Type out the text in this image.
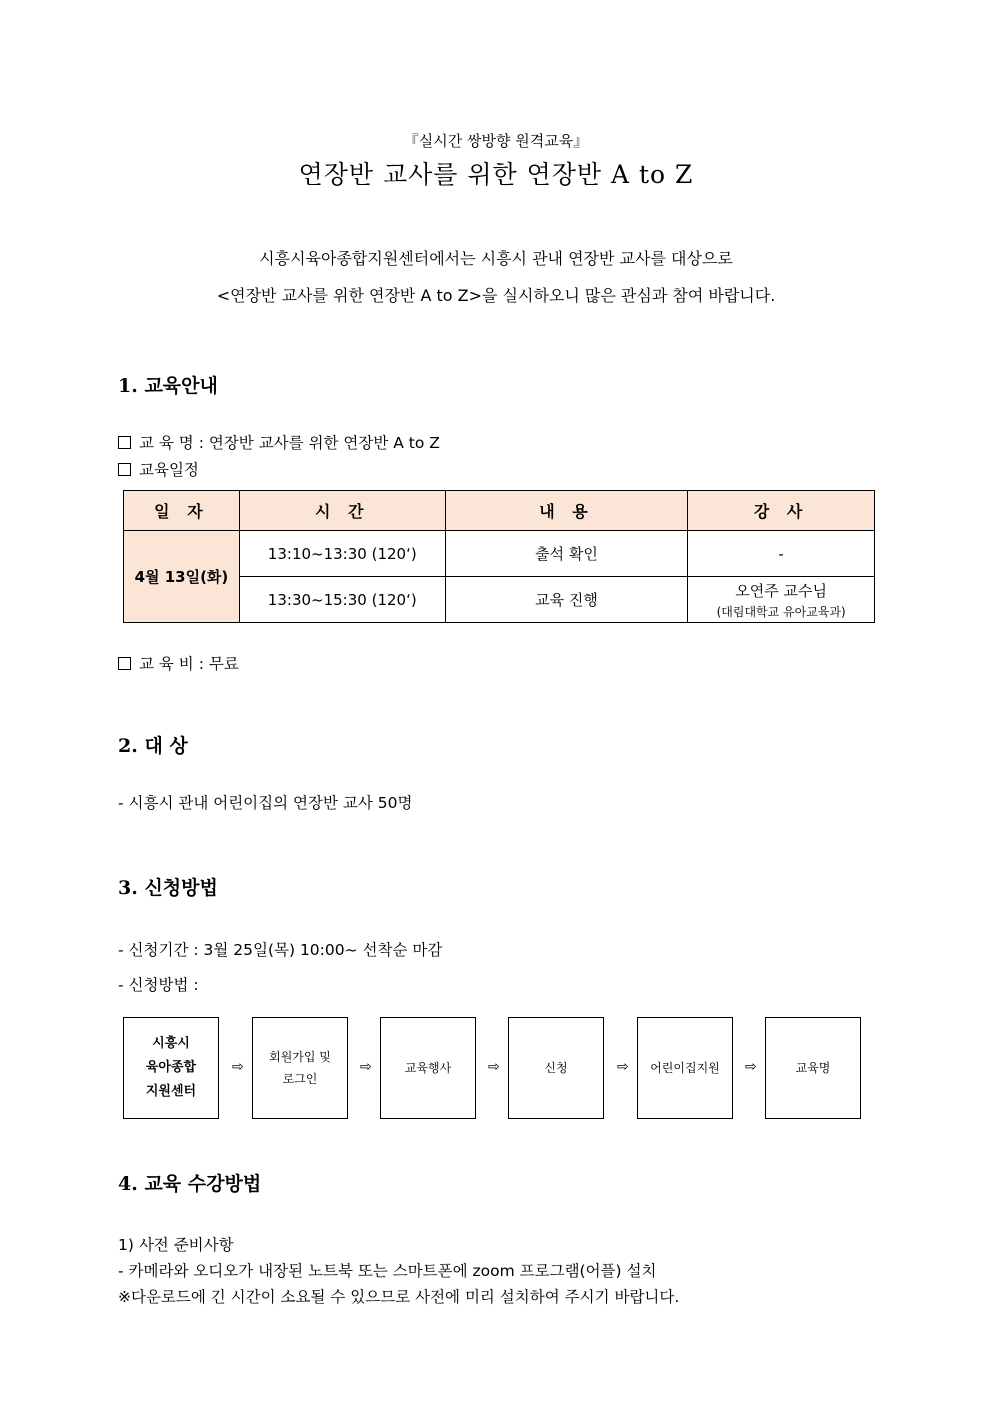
『실시간 쌍방향 원격교육』
연장반 교사를 위한 연장반 A to Z
시흥시육아종합지원센터에서는 시흥시 관내 연장반 교사를 대상으로
<연장반 교사를 위한 연장반 A to Z>을 실시하오니 많은 관심과 참여 바랍니다.
1. 교육안내
교 육 명 : 연장반 교사를 위한 연장반 A to Z
교육일정
일 자	시 간	내 용	강 사
4월 13일(화)	13:10~13:30 (120‘)	출석 확인	-
	13:30~15:30 (120‘)	교육 진행	오연주 교수님
(대림대학교 유아교육과)
교 육 비 : 무료
2. 대 상
- 시흥시 관내 어린이집의 연장반 교사 50명
3. 신청방법
- 신청기간 : 3월 25일(목) 10:00~ 선착순 마감
- 신청방법 :
시흥시
육아종합
지원센터
⇨
회원가입 및
로그인
⇨	교육행사	⇨	신청	⇨ 어린이집지원 ⇨	교육명
4. 교육 수강방법
1) 사전 준비사항
- 카메라와 오디오가 내장된 노트북 또는 스마트폰에 zoom 프로그램(어플) 설치
※다운로드에 긴 시간이 소요될 수 있으므로 사전에 미리 설치하여 주시기 바랍니다.
